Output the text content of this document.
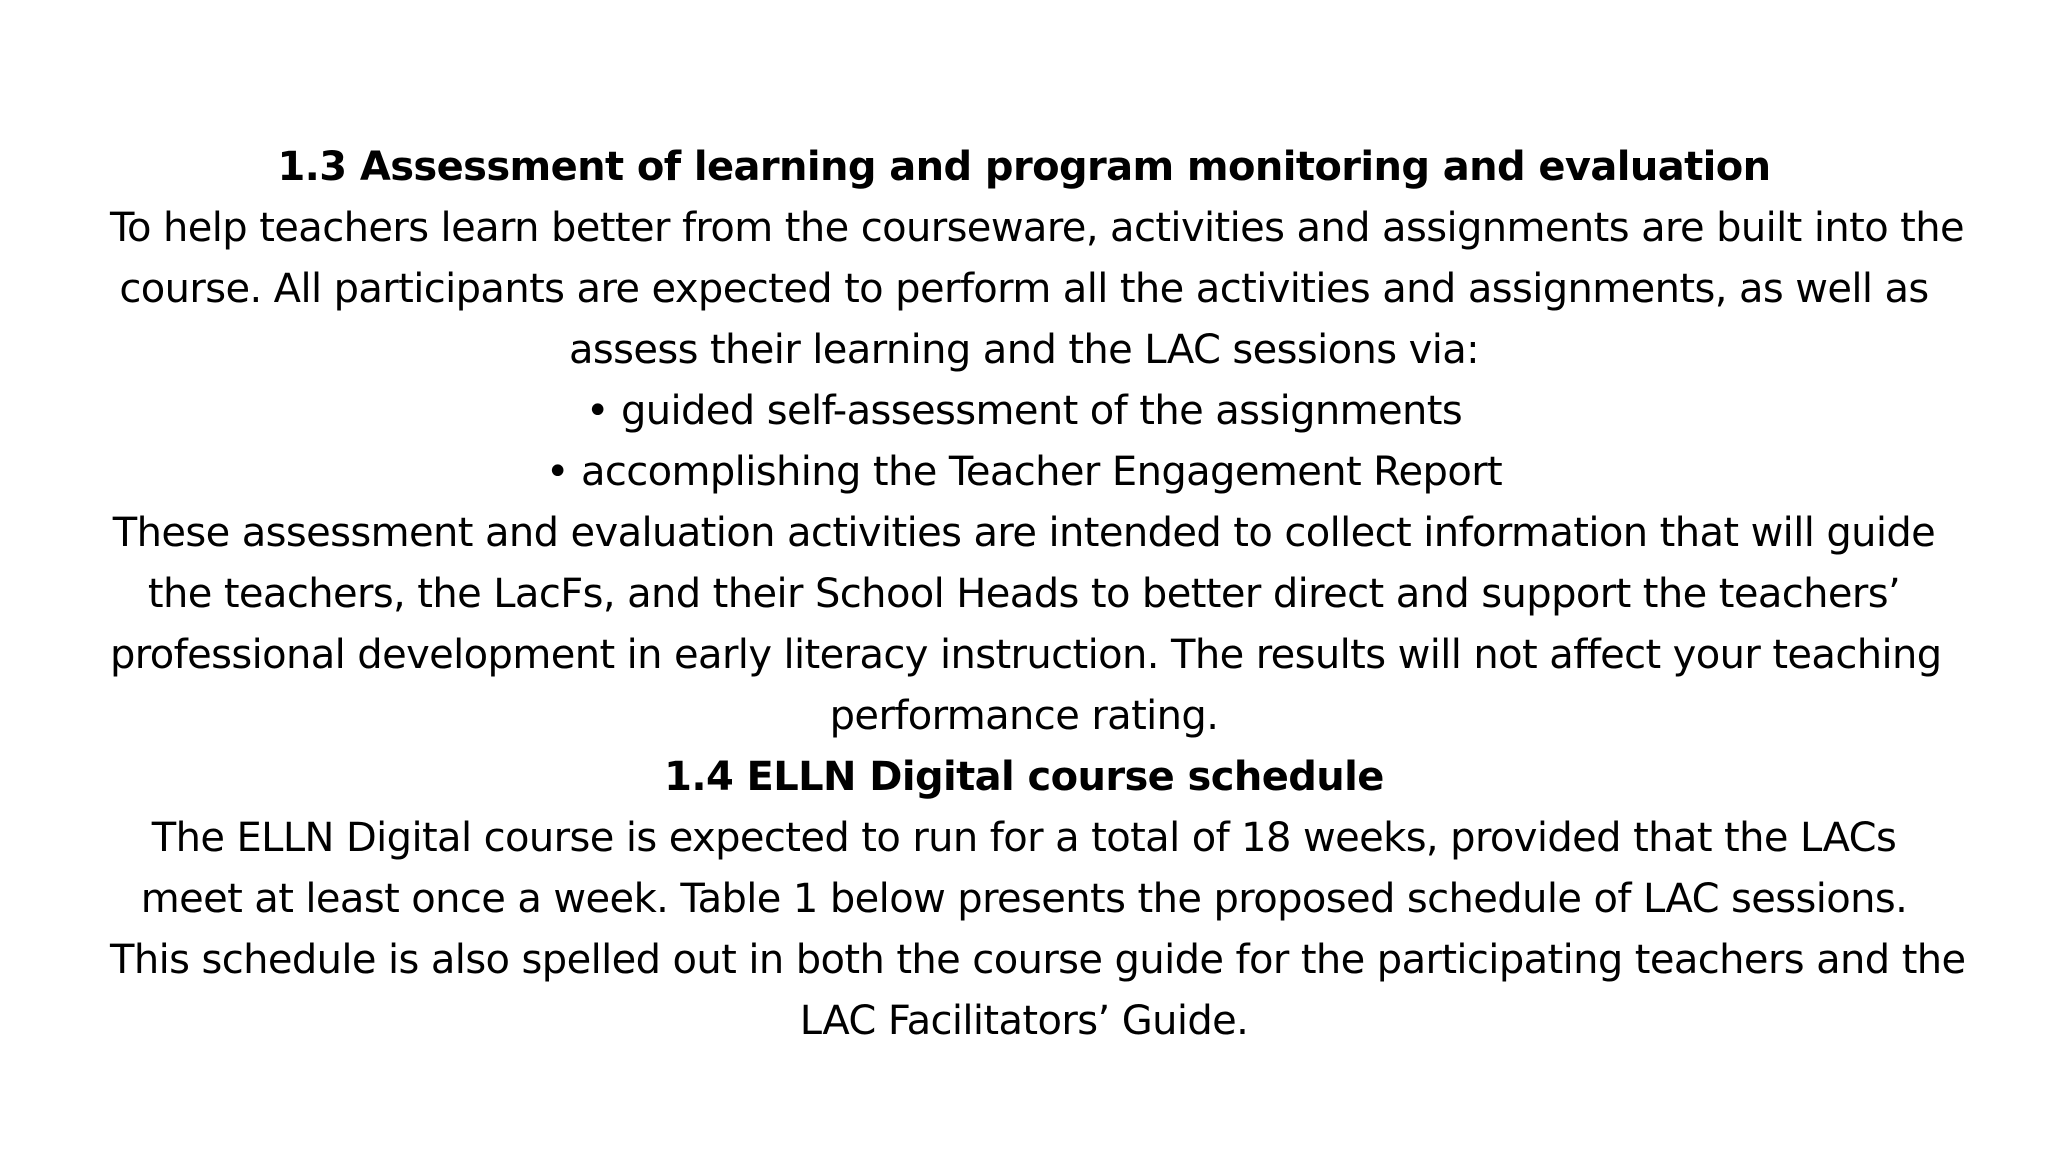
1.3 Assessment of learning and program monitoring and evaluation
To help teachers learn better from the courseware, activities and assignments are built into the
course. All participants are expected to perform all the activities and assignments, as well as
assess their learning and the LAC sessions via:
• guided self-assessment of the assignments
• accomplishing the Teacher Engagement Report
These assessment and evaluation activities are intended to collect information that will guide
the teachers, the LacFs, and their School Heads to better direct and support the teachers’
professional development in early literacy instruction. The results will not affect your teaching
performance rating.
1.4 ELLN Digital course schedule
The ELLN Digital course is expected to run for a total of 18 weeks, provided that the LACs
meet at least once a week. Table 1 below presents the proposed schedule of LAC sessions.
This schedule is also spelled out in both the course guide for the participating teachers and the
LAC Facilitators’ Guide.
